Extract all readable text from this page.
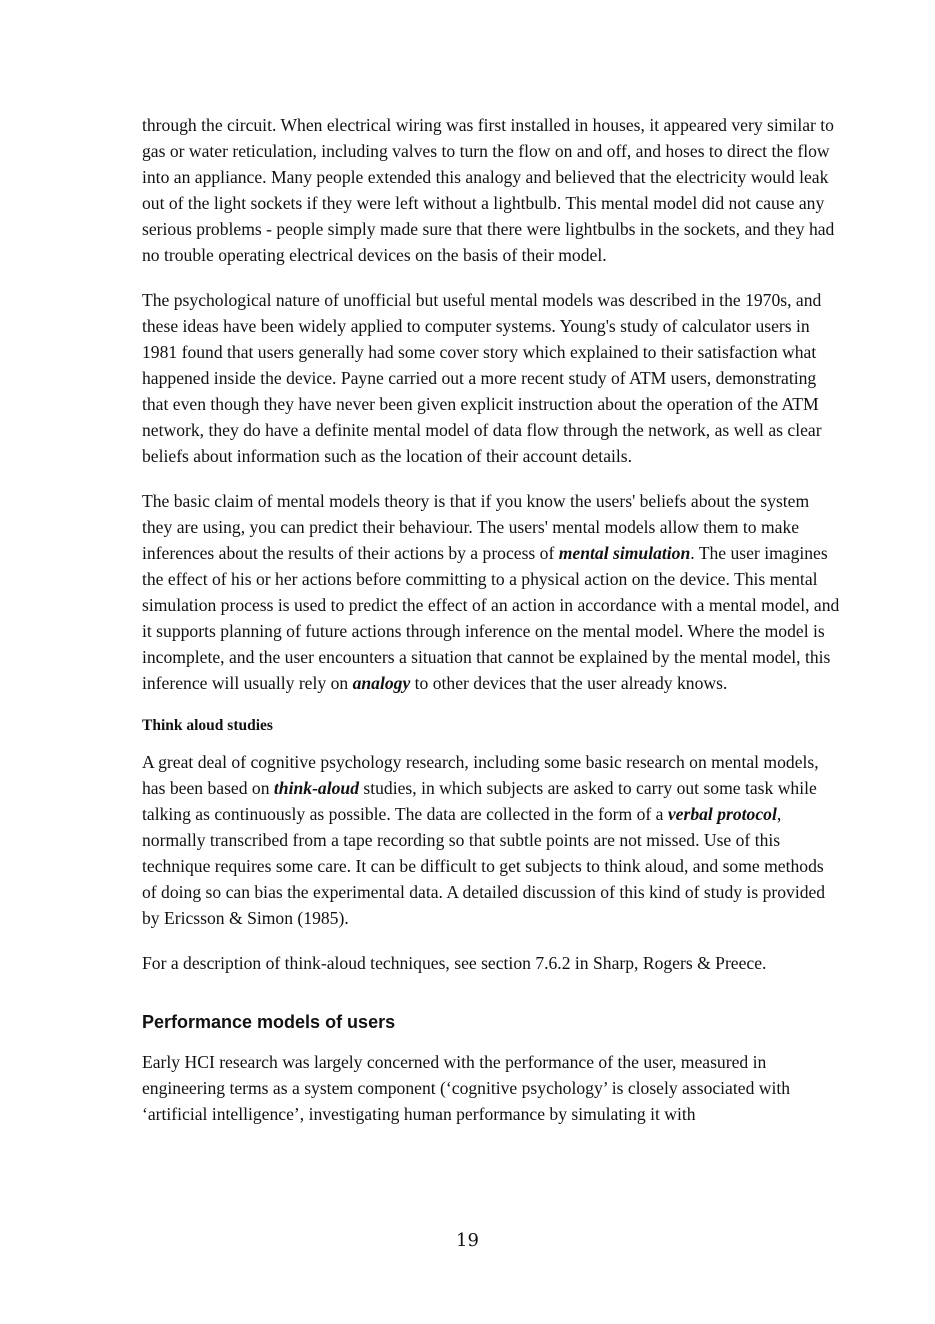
through the circuit. When electrical wiring was first installed in houses, it appeared very similar to gas or water reticulation, including valves to turn the flow on and off, and hoses to direct the flow into an appliance. Many people extended this analogy and believed that the electricity would leak out of the light sockets if they were left without a lightbulb. This mental model did not cause any serious problems - people simply made sure that there were lightbulbs in the sockets, and they had no trouble operating electrical devices on the basis of their model.

The psychological nature of unofficial but useful mental models was described in the 1970s, and these ideas have been widely applied to computer systems. Young's study of calculator users in 1981 found that users generally had some cover story which explained to their satisfaction what happened inside the device. Payne carried out a more recent study of ATM users, demonstrating that even though they have never been given explicit instruction about the operation of the ATM network, they do have a definite mental model of data flow through the network, as well as clear beliefs about information such as the location of their account details.

The basic claim of mental models theory is that if you know the users' beliefs about the system they are using, you can predict their behaviour. The users' mental models allow them to make inferences about the results of their actions by a process of mental simulation. The user imagines the effect of his or her actions before committing to a physical action on the device. This mental simulation process is used to predict the effect of an action in accordance with a mental model, and it supports planning of future actions through inference on the mental model. Where the model is incomplete, and the user encounters a situation that cannot be explained by the mental model, this inference will usually rely on analogy to other devices that the user already knows.

Think aloud studies

A great deal of cognitive psychology research, including some basic research on mental models, has been based on think-aloud studies, in which subjects are asked to carry out some task while talking as continuously as possible. The data are collected in the form of a verbal protocol, normally transcribed from a tape recording so that subtle points are not missed. Use of this technique requires some care. It can be difficult to get subjects to think aloud, and some methods of doing so can bias the experimental data. A detailed discussion of this kind of study is provided by Ericsson & Simon (1985).

For a description of think-aloud techniques, see section 7.6.2 in Sharp, Rogers & Preece.

Performance models of users

Early HCI research was largely concerned with the performance of the user, measured in engineering terms as a system component (‘cognitive psychology’ is closely associated with ‘artificial intelligence’, investigating human performance by simulating it with

19
